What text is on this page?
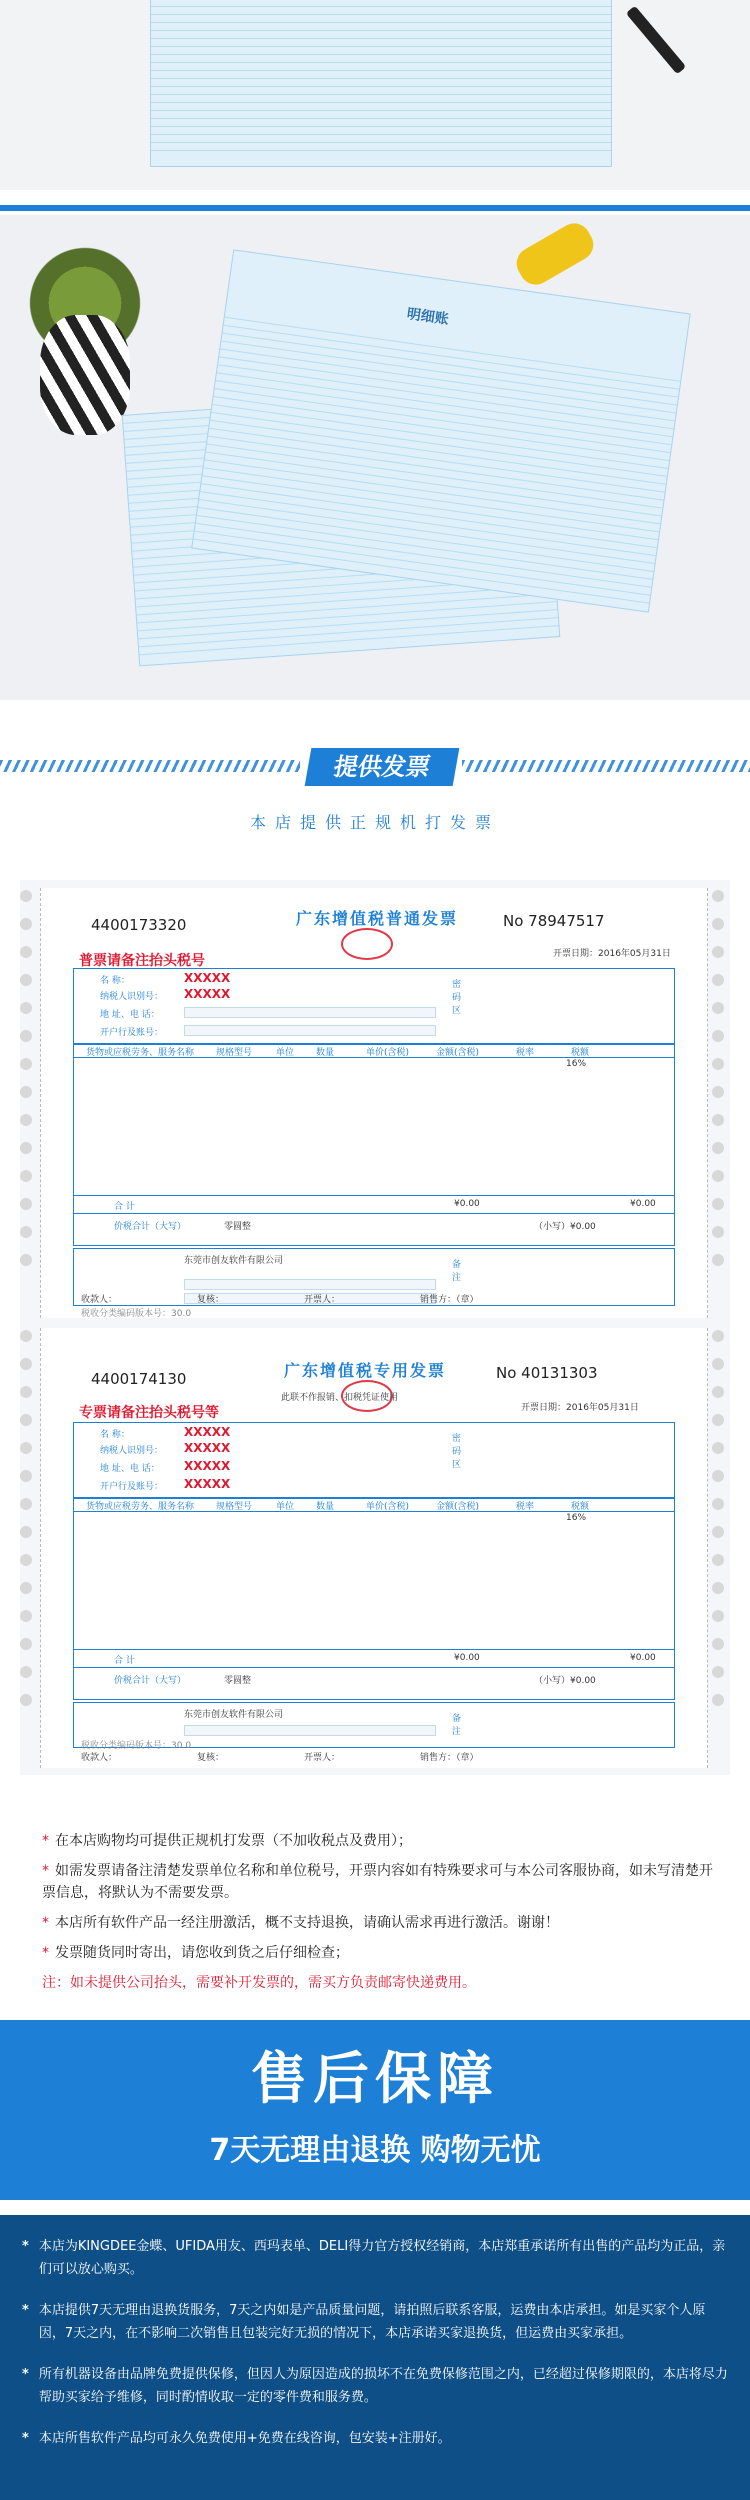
明细账
提供发票
本店提供正规机打发票
4400173320	广东增值税普通发票	No 78947517
开票日期：2016年05月31日
普票请备注抬头税号
名 称：	XXXXX
纳税人识别号： XXXXX
地 址、电 话：
开户行及账号：
密码区
货物或应税劳务、服务名称	规格型号	单位	数量	单价(含税)	金额(含税)	税率	税额
16%
合 计	¥0.00	¥0.00
价税合计（大写）	零圆整	（小写）¥0.00
东莞市创友软件有限公司	备注
收款人：	复核：	开票人：	销售方：（章）
税收分类编码版本号：30.0
4400174130	广东增值税专用发票	No 40131303
此联不作报销、扣税凭证使用
开票日期：2016年05月31日
专票请备注抬头税号等
名 称：	XXXXX
纳税人识别号： XXXXX
地 址、电 话： XXXXX
开户行及账号： XXXXX
密码区
货物或应税劳务、服务名称	规格型号	单位	数量	单价(含税)	金额(含税)	税率	税额
16%
合 计	¥0.00	¥0.00
价税合计（大写）	零圆整	（小写）¥0.00
东莞市创友软件有限公司	备注
收款人：	复核：	开票人：	销售方：（章）
税收分类编码版本号：30.0
* 在本店购物均可提供正规机打发票（不加收税点及费用）；
* 如需发票请备注清楚发票单位名称和单位税号，开票内容如有特殊要求可与本公司客服协商，如未写清楚开票信息，将默认为不需要发票。
* 本店所有软件产品一经注册激活，概不支持退换，请确认需求再进行激活。谢谢！
* 发票随货同时寄出，请您收到货之后仔细检查；
注：如未提供公司抬头，需要补开发票的，需买方负责邮寄快递费用。
售后保障
7天无理由退换 购物无忧
* 本店为KINGDEE金蝶、UFIDA用友、西玛表单、DELI得力官方授权经销商，本店郑重承诺所有出售的产品均为正品，亲们可以放心购买。
* 本店提供7天无理由退换货服务，7天之内如是产品质量问题，请拍照后联系客服，运费由本店承担。如是买家个人原因，7天之内，在不影响二次销售且包装完好无损的情况下，本店承诺买家退换货，但运费由买家承担。
* 所有机器设备由品牌免费提供保修，但因人为原因造成的损坏不在免费保修范围之内，已经超过保修期限的，本店将尽力帮助买家给予维修，同时酌情收取一定的零件费和服务费。
* 本店所售软件产品均可永久免费使用+免费在线咨询，包安装+注册好。
